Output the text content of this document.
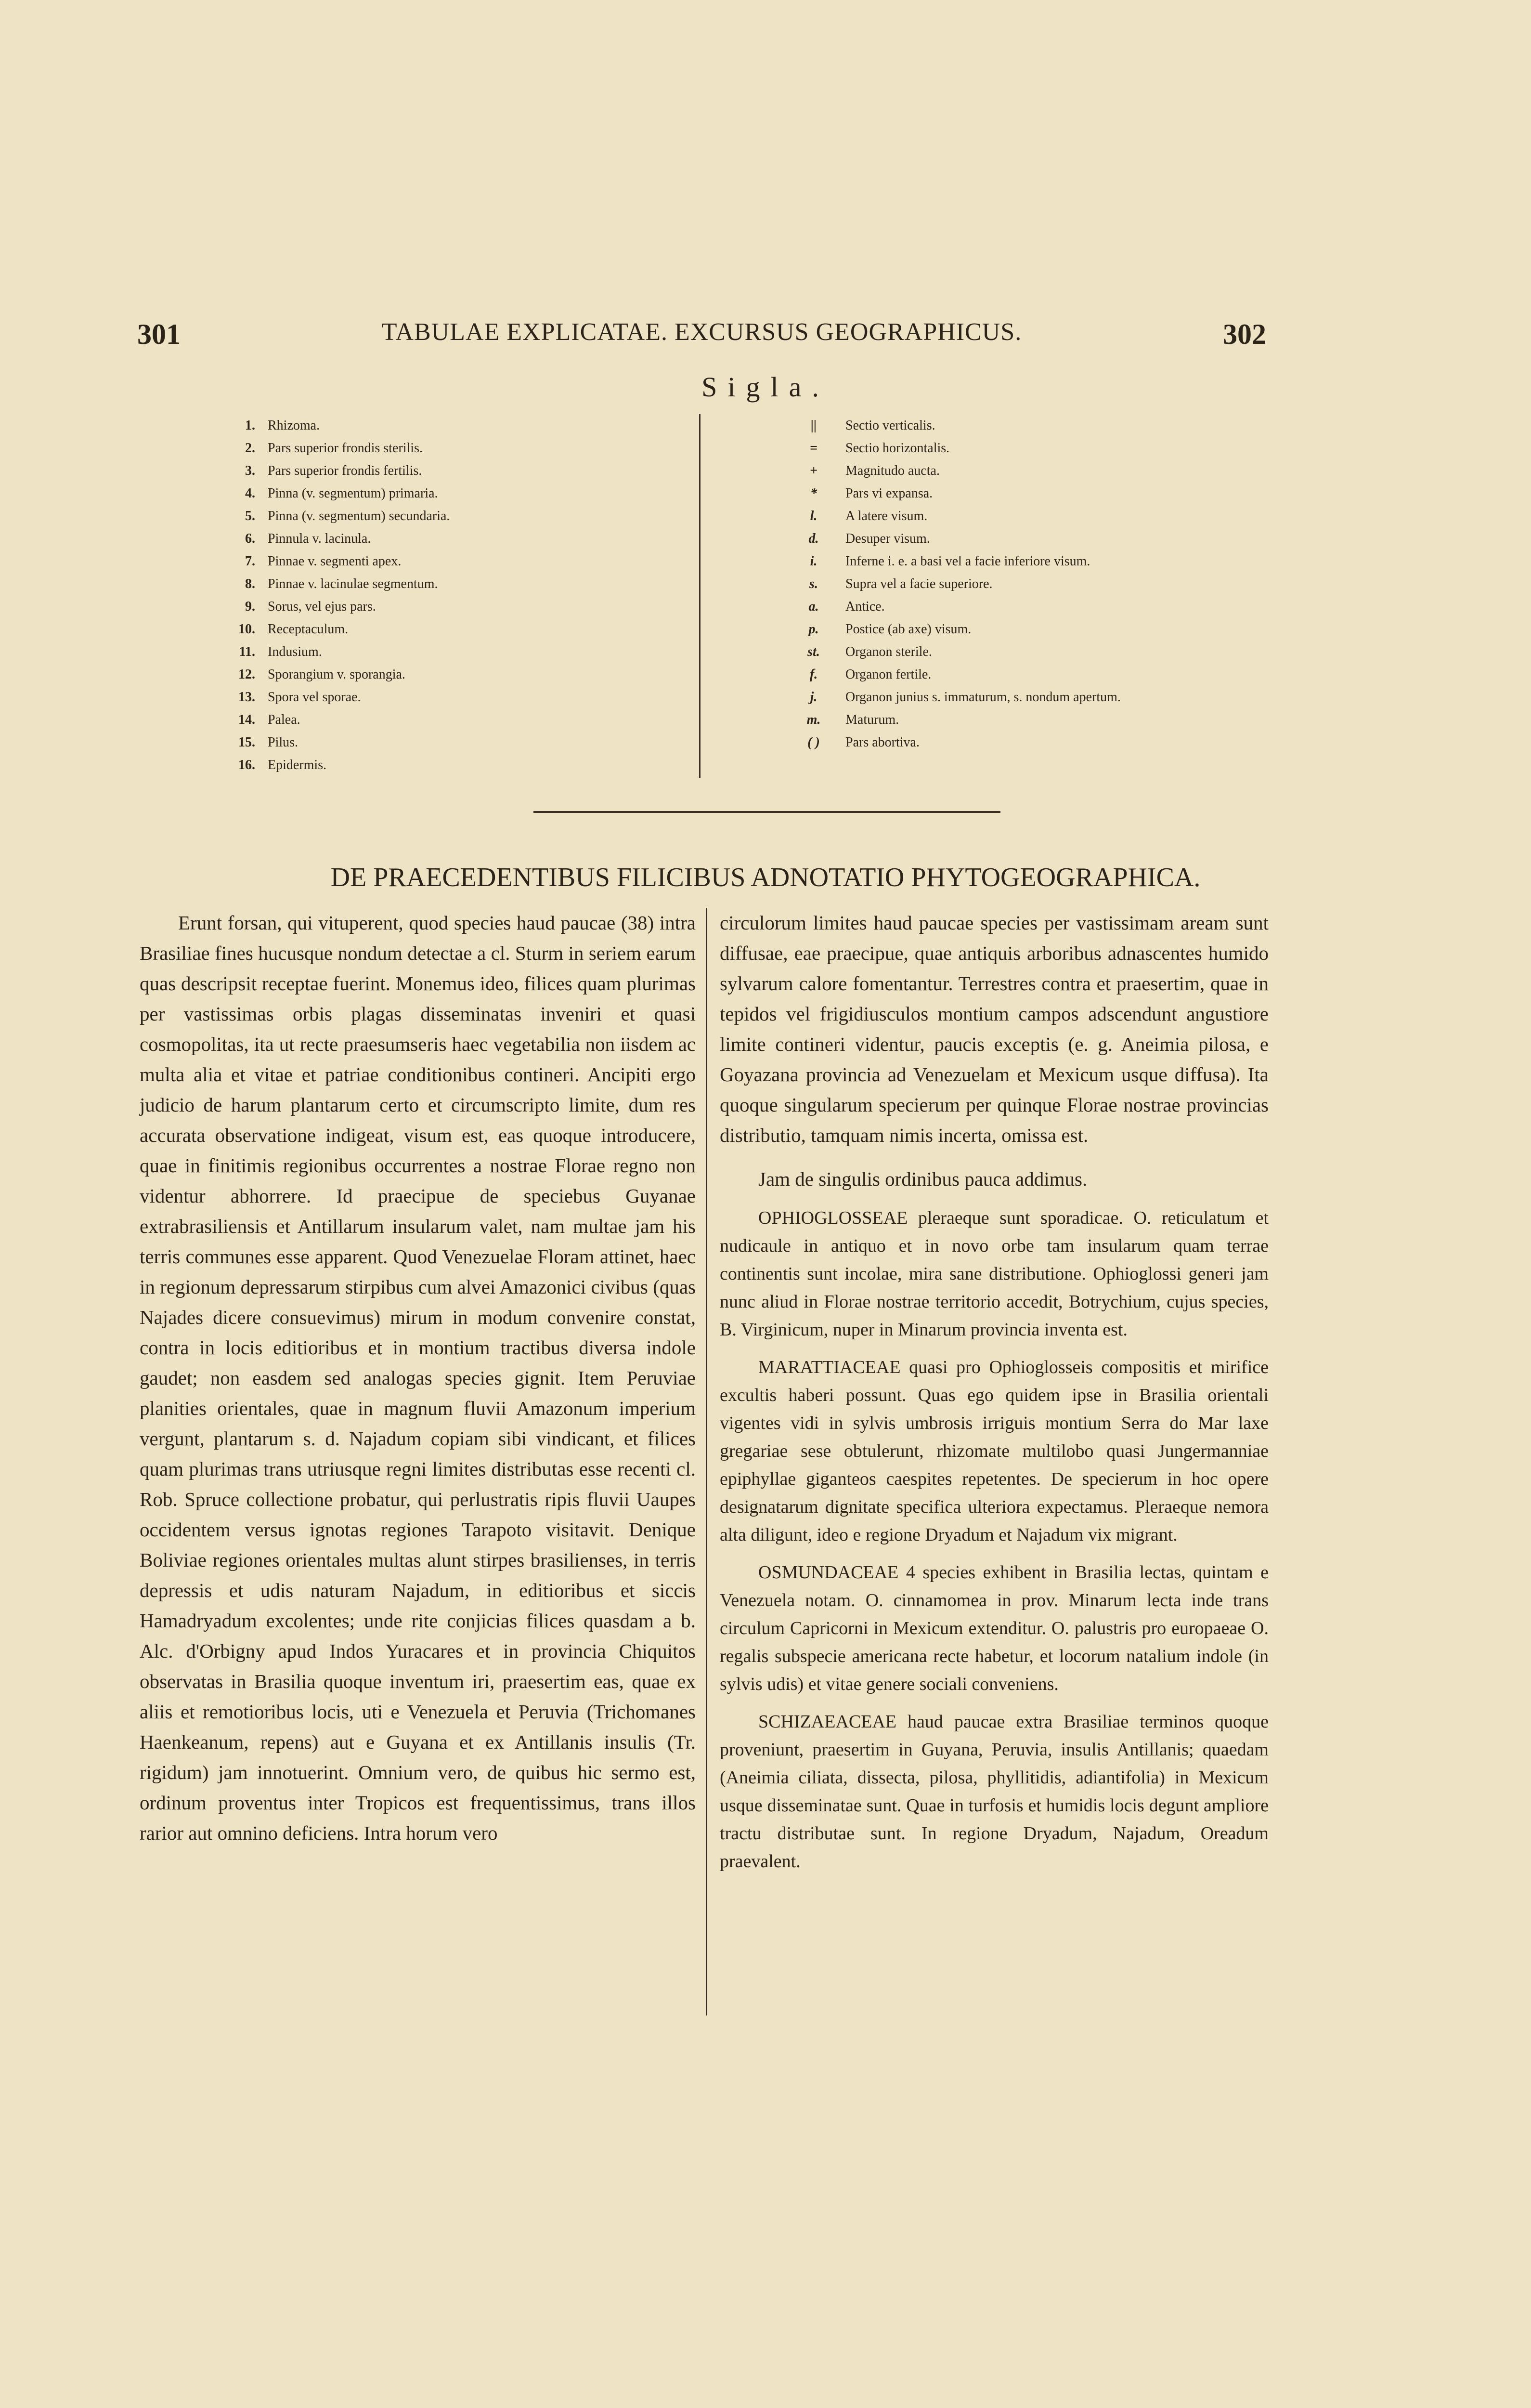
301	TABULAE EXPLICATAE. EXCURSUS GEOGRAPHICUS.	302
Sigla.
1. Rhizoma.
2. Pars superior frondis sterilis.
3. Pars superior frondis fertilis.
4. Pinna (v. segmentum) primaria.
5. Pinna (v. segmentum) secundaria.
6. Pinnula v. lacinula.
7. Pinnae v. segmenti apex.
8. Pinnae v. lacinulae segmentum.
9. Sorus, vel ejus pars.
10. Receptaculum.
11. Indusium.
12. Sporangium v. sporangia.
13. Spora vel sporae.
14. Palea.
15. Pilus.
16. Epidermis.
||	Sectio verticalis.
=	Sectio horizontalis.
+	Magnitudo aucta.
*	Pars vi expansa.
l.	A latere visum.
d.	Desuper visum.
i.	Inferne i. e. a basi vel a facie inferiore visum.
s.	Supra vel a facie superiore.
a.	Antice.
p.	Postice (ab axe) visum.
st.	Organon sterile.
f.	Organon fertile.
j.	Organon junius s. immaturum, s. nondum apertum.
m.	Maturum.
( )	Pars abortiva.
DE PRAECEDENTIBUS FILICIBUS ADNOTATIO PHYTOGEOGRAPHICA.

Erunt forsan, qui vituperent, quod species haud paucae (38) intra Brasiliae fines hucusque nondum detectae a cl. Sturm in seriem earum quas descripsit receptae fuerint. Monemus ideo, filices quam plurimas per vastissimas orbis plagas disseminatas inveniri et quasi cosmopolitas, ita ut recte praesumseris haec vegetabilia non iisdem ac multa alia et vitae et patriae conditionibus contineri. Ancipiti ergo judicio de harum plantarum certo et circumscripto limite, dum res accurata observatione indigeat, visum est, eas quoque introducere, quae in finitimis regionibus occurrentes a nostrae Florae regno non videntur abhorrere. Id praecipue de speciebus Guyanae extrabrasiliensis et Antillarum insularum valet, nam multae jam his terris communes esse apparent. Quod Venezuelae Floram attinet, haec in regionum depressarum stirpibus cum alvei Amazonici civibus (quas Najades dicere consuevimus) mirum in modum convenire constat, contra in locis editioribus et in montium tractibus diversa indole gaudet; non easdem sed analogas species gignit. Item Peruviae planities orientales, quae in magnum fluvii Amazonum imperium vergunt, plantarum s. d. Najadum copiam sibi vindicant, et filices quam plurimas trans utriusque regni limites distributas esse recenti cl. Rob. Spruce collectione probatur, qui perlustratis ripis fluvii Uaupes occidentem versus ignotas regiones Tarapoto visitavit. Denique Boliviae regiones orientales multas alunt stirpes brasilienses, in terris depressis et udis naturam Najadum, in editioribus et siccis Hamadryadum excolentes; unde rite conjicias filices quasdam a b. Alc. d'Orbigny apud Indos Yuracares et in provincia Chiquitos observatas in Brasilia quoque inventum iri, praesertim eas, quae ex aliis et remotioribus locis, uti e Venezuela et Peruvia (Trichomanes Haenkeanum, repens) aut e Guyana et ex Antillanis insulis (Tr. rigidum) jam innotuerint. Omnium vero, de quibus hic sermo est, ordinum proventus inter Tropicos est frequentissimus, trans illos rarior aut omnino deficiens. Intra horum vero

circulorum limites haud paucae species per vastissimam aream sunt diffusae, eae praecipue, quae antiquis arboribus adnascentes humido sylvarum calore fomentantur. Terrestres contra et praesertim, quae in tepidos vel frigidiusculos montium campos adscendunt angustiore limite contineri videntur, paucis exceptis (e. g. Aneimia pilosa, e Goyazana provincia ad Venezuelam et Mexicum usque diffusa). Ita quoque singularum specierum per quinque Florae nostrae provincias distributio, tamquam nimis incerta, omissa est.

Jam de singulis ordinibus pauca addimus.

OPHIOGLOSSEAE pleraeque sunt sporadicae. O. reticulatum et nudicaule in antiquo et in novo orbe tam insularum quam terrae continentis sunt incolae, mira sane distributione. Ophioglossi generi jam nunc aliud in Florae nostrae territorio accedit, Botrychium, cujus species, B. Virginicum, nuper in Minarum provincia inventa est.

MARATTIACEAE quasi pro Ophioglosseis compositis et mirifice excultis haberi possunt. Quas ego quidem ipse in Brasilia orientali vigentes vidi in sylvis umbrosis irriguis montium Serra do Mar laxe gregariae sese obtulerunt, rhizomate multilobo quasi Jungermanniae epiphyllae giganteos caespites repetentes. De specierum in hoc opere designatarum dignitate specifica ulteriora expectamus. Pleraeque nemora alta diligunt, ideo e regione Dryadum et Najadum vix migrant.

OSMUNDACEAE 4 species exhibent in Brasilia lectas, quintam e Venezuela notam. O. cinnamomea in prov. Minarum lecta inde trans circulum Capricorni in Mexicum extenditur. O. palustris pro europaeae O. regalis subspecie americana recte habetur, et locorum natalium indole (in sylvis udis) et vitae genere sociali conveniens.

SCHIZAEACEAE haud paucae extra Brasiliae terminos quoque proveniunt, praesertim in Guyana, Peruvia, insulis Antillanis; quaedam (Aneimia ciliata, dissecta, pilosa, phyllitidis, adiantifolia) in Mexicum usque disseminatae sunt. Quae in turfosis et humidis locis degunt ampliore tractu distributae sunt. In regione Dryadum, Najadum, Oreadum praevalent.
